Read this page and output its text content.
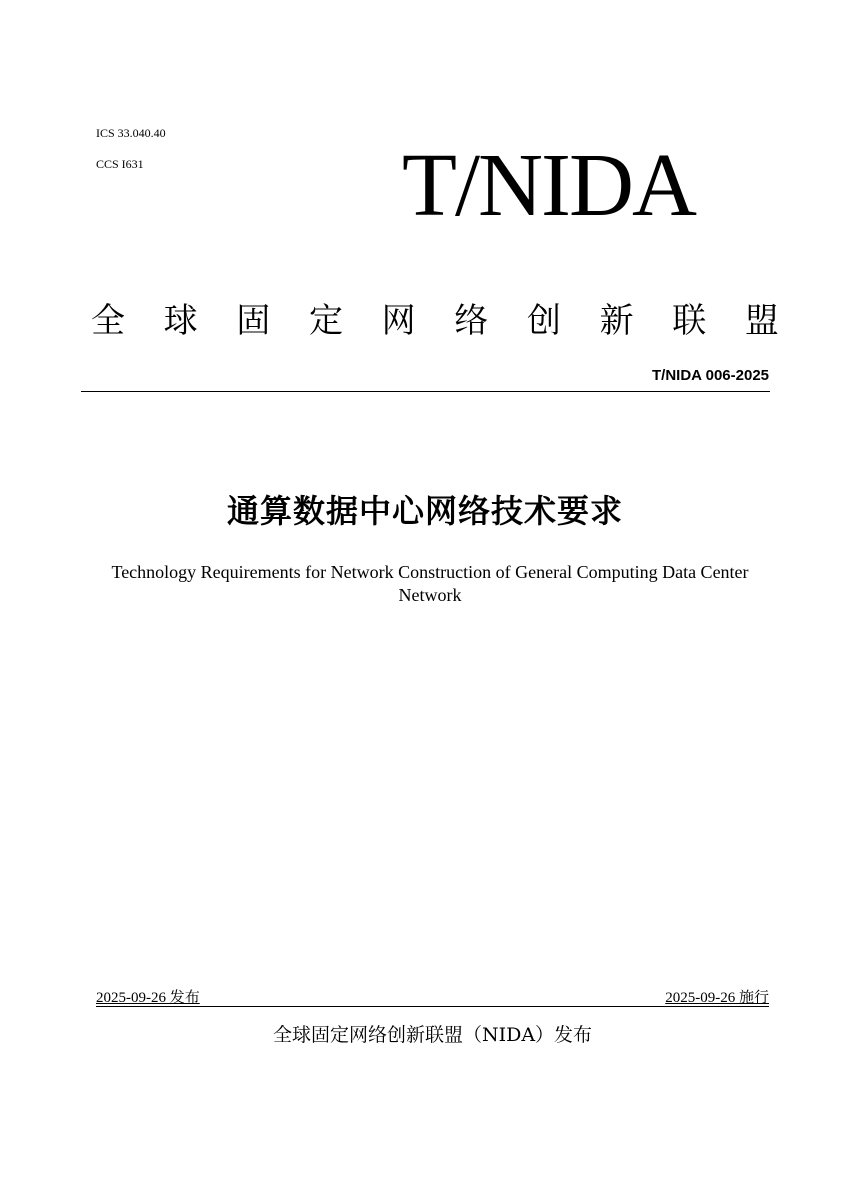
ICS 33.040.40
CCS I631	T/NIDA
全 球 固 定 网 络 创 新 联 盟
T/NIDA 006-2025
通算数据中心网络技术要求
Technology Requirements for Network Construction of General Computing Data Center Network
2025-09-26 发布	2025-09-26 施行
全球固定网络创新联盟（NIDA）发布
